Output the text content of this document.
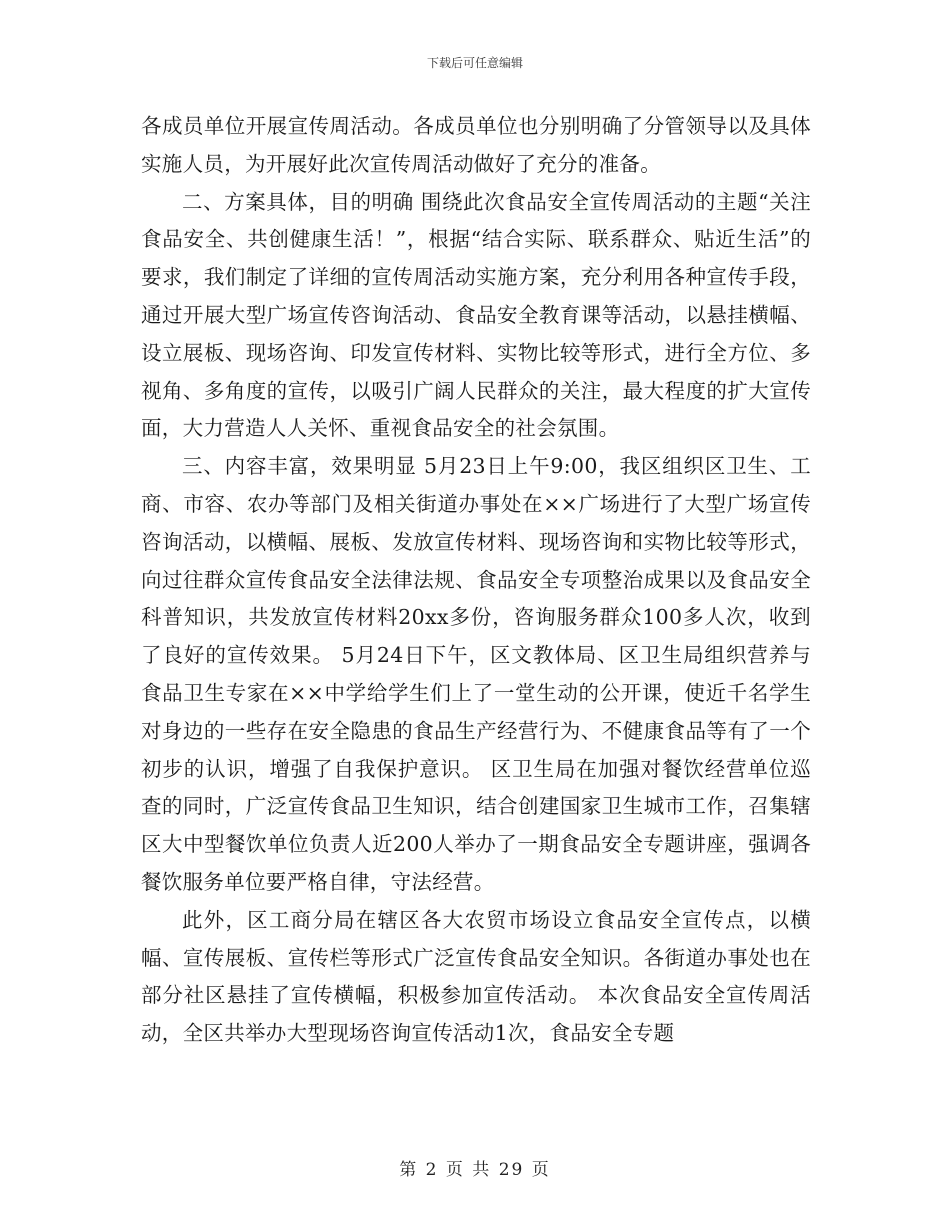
下载后可任意编辑

各成员单位开展宣传周活动。各成员单位也分别明确了分管领导以及具体实施人员，为开展好此次宣传周活动做好了充分的准备。

二、方案具体，目的明确 围绕此次食品安全宣传周活动的主题“关注食品安全、共创健康生活！”，根据“结合实际、联系群众、贴近生活”的要求，我们制定了详细的宣传周活动实施方案，充分利用各种宣传手段，通过开展大型广场宣传咨询活动、食品安全教育课等活动，以悬挂横幅、设立展板、现场咨询、印发宣传材料、实物比较等形式，进行全方位、多视角、多角度的宣传，以吸引广阔人民群众的关注，最大程度的扩大宣传面，大力营造人人关怀、重视食品安全的社会氛围。

三、内容丰富，效果明显 5月23日上午9:00，我区组织区卫生、工商、市容、农办等部门及相关街道办事处在××广场进行了大型广场宣传咨询活动，以横幅、展板、发放宣传材料、现场咨询和实物比较等形式，向过往群众宣传食品安全法律法规、食品安全专项整治成果以及食品安全科普知识，共发放宣传材料20xx多份，咨询服务群众100多人次，收到了良好的宣传效果。 5月24日下午，区文教体局、区卫生局组织营养与食品卫生专家在××中学给学生们上了一堂生动的公开课，使近千名学生对身边的一些存在安全隐患的食品生产经营行为、不健康食品等有了一个初步的认识，增强了自我保护意识。 区卫生局在加强对餐饮经营单位巡查的同时，广泛宣传食品卫生知识，结合创建国家卫生城市工作，召集辖区大中型餐饮单位负责人近200人举办了一期食品安全专题讲座，强调各餐饮服务单位要严格自律，守法经营。

此外，区工商分局在辖区各大农贸市场设立食品安全宣传点，以横幅、宣传展板、宣传栏等形式广泛宣传食品安全知识。各街道办事处也在部分社区悬挂了宣传横幅，积极参加宣传活动。 本次食品安全宣传周活动，全区共举办大型现场咨询宣传活动1次，食品安全专题

第 2 页 共 29 页
